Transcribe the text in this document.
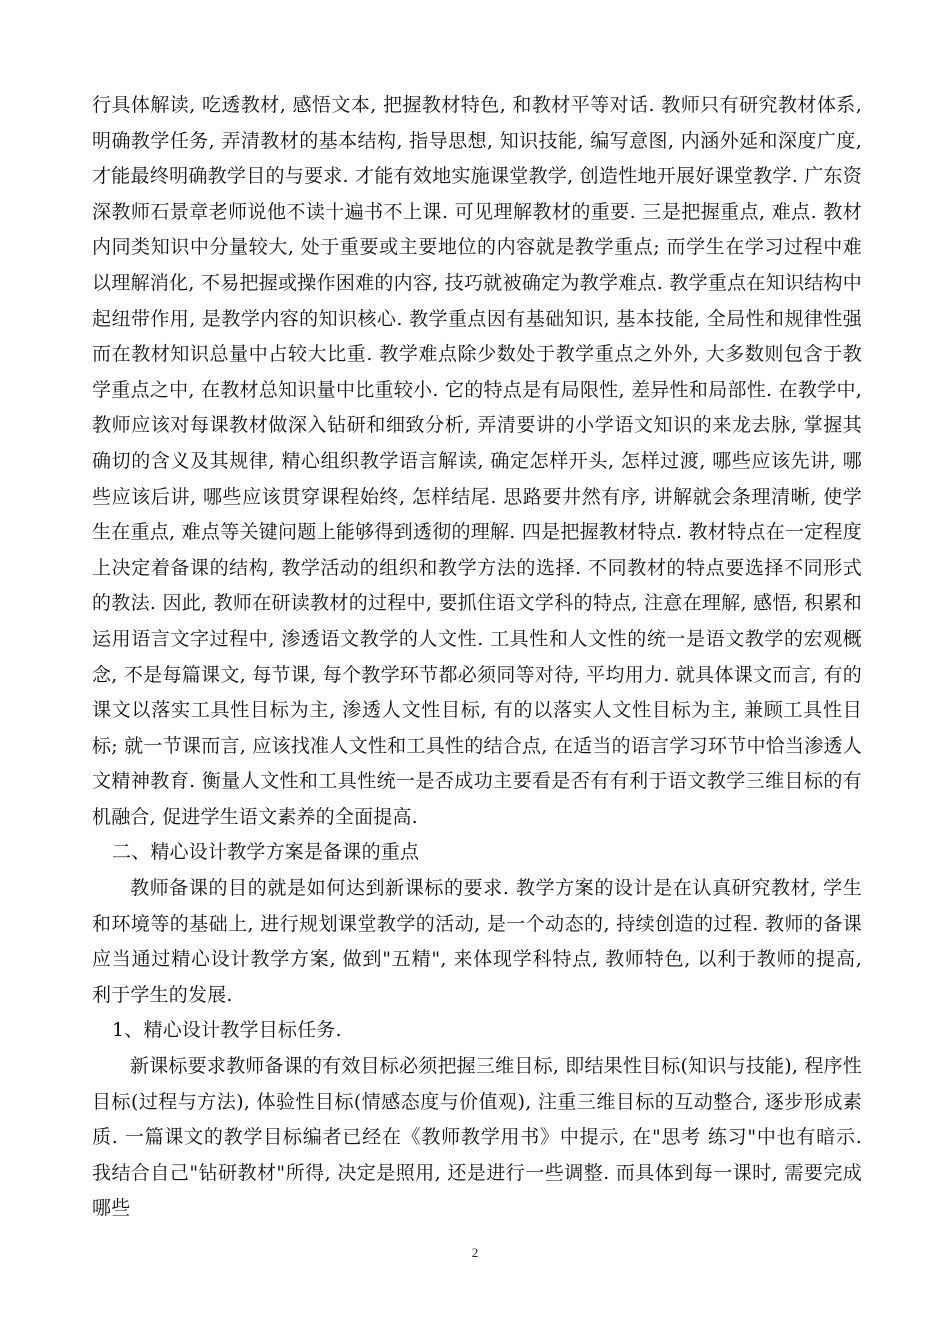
行具体解读, 吃透教材, 感悟文本, 把握教材特色, 和教材平等对话. 教师只有研究教材体系, 明确教学任务, 弄清教材的基本结构, 指导思想, 知识技能, 编写意图, 内涵外延和深度广度, 才能最终明确教学目的与要求. 才能有效地实施课堂教学, 创造性地开展好课堂教学. 广东资深教师石景章老师说他不读十遍书不上课. 可见理解教材的重要. 三是把握重点, 难点. 教材内同类知识中分量较大, 处于重要或主要地位的内容就是教学重点; 而学生在学习过程中难以理解消化, 不易把握或操作困难的内容, 技巧就被确定为教学难点. 教学重点在知识结构中起纽带作用, 是教学内容的知识核心. 教学重点因有基础知识, 基本技能, 全局性和规律性强而在教材知识总量中占较大比重. 教学难点除少数处于教学重点之外外, 大多数则包含于教学重点之中, 在教材总知识量中比重较小. 它的特点是有局限性, 差异性和局部性. 在教学中, 教师应该对每课教材做深入钻研和细致分析, 弄清要讲的小学语文知识的来龙去脉, 掌握其确切的含义及其规律, 精心组织教学语言解读, 确定怎样开头, 怎样过渡, 哪些应该先讲, 哪些应该后讲, 哪些应该贯穿课程始终, 怎样结尾. 思路要井然有序, 讲解就会条理清晰, 使学生在重点, 难点等关键问题上能够得到透彻的理解. 四是把握教材特点. 教材特点在一定程度上决定着备课的结构, 教学活动的组织和教学方法的选择. 不同教材的特点要选择不同形式的教法. 因此, 教师在研读教材的过程中, 要抓住语文学科的特点, 注意在理解, 感悟, 积累和运用语言文字过程中, 渗透语文教学的人文性. 工具性和人文性的统一是语文教学的宏观概念, 不是每篇课文, 每节课, 每个教学环节都必须同等对待, 平均用力. 就具体课文而言, 有的课文以落实工具性目标为主, 渗透人文性目标, 有的以落实人文性目标为主, 兼顾工具性目标; 就一节课而言, 应该找准人文性和工具性的结合点, 在适当的语言学习环节中恰当渗透人文精神教育. 衡量人文性和工具性统一是否成功主要看是否有有利于语文教学三维目标的有机融合, 促进学生语文素养的全面提高.

二、精心设计教学方案是备课的重点

教师备课的目的就是如何达到新课标的要求. 教学方案的设计是在认真研究教材, 学生和环境等的基础上, 进行规划课堂教学的活动, 是一个动态的, 持续创造的过程. 教师的备课应当通过精心设计教学方案, 做到"五精", 来体现学科特点, 教师特色, 以利于教师的提高, 利于学生的发展.

1、精心设计教学目标任务.

新课标要求教师备课的有效目标必须把握三维目标, 即结果性目标(知识与技能), 程序性目标(过程与方法), 体验性目标(情感态度与价值观), 注重三维目标的互动整合, 逐步形成素质. 一篇课文的教学目标编者已经在《教师教学用书》中提示, 在"思考 练习"中也有暗示. 我结合自己"钻研教材"所得, 决定是照用, 还是进行一些调整. 而具体到每一课时, 需要完成哪些

2
